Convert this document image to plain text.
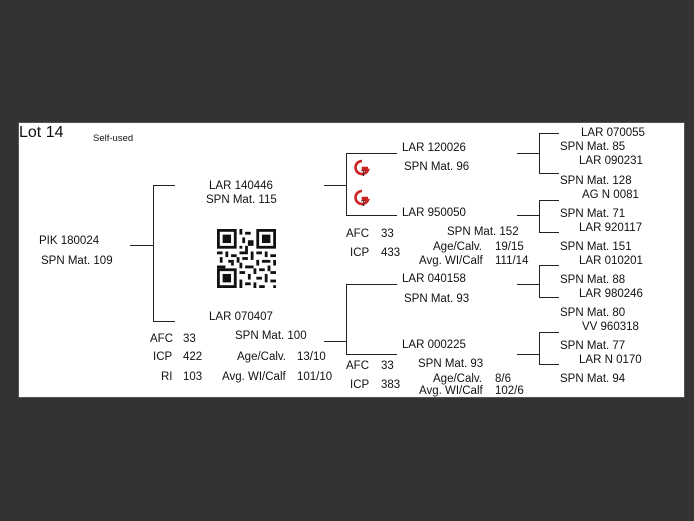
Lot 14	Self-used
PIK 180024
SPN Mat. 109
LAR 140446
SPN Mat. 115
LAR 070407
SPN Mat. 100
AFC 33
ICP 422
RI 103
Age/Calv. 13/10
Avg. WI/Calf 101/10
T
T
LAR 120026
SPN Mat. 96
LAR 950050
SPN Mat. 152
AFC 33
ICP 433	Age/Calv. 19/15
Avg. WI/Calf 111/14
LAR 040158
SPN Mat. 93
LAR 000225
SPN Mat. 93
AFC 33
ICP 383	Age/Calv. 8/6
Avg. WI/Calf 102/6
LAR 070055
SPN Mat. 85
LAR 090231
SPN Mat. 128
AG N 0081
SPN Mat. 71
LAR 920117
SPN Mat. 151
LAR 010201
SPN Mat. 88
LAR 980246
SPN Mat. 80
VV 960318
SPN Mat. 77
LAR N 0170
SPN Mat. 94
